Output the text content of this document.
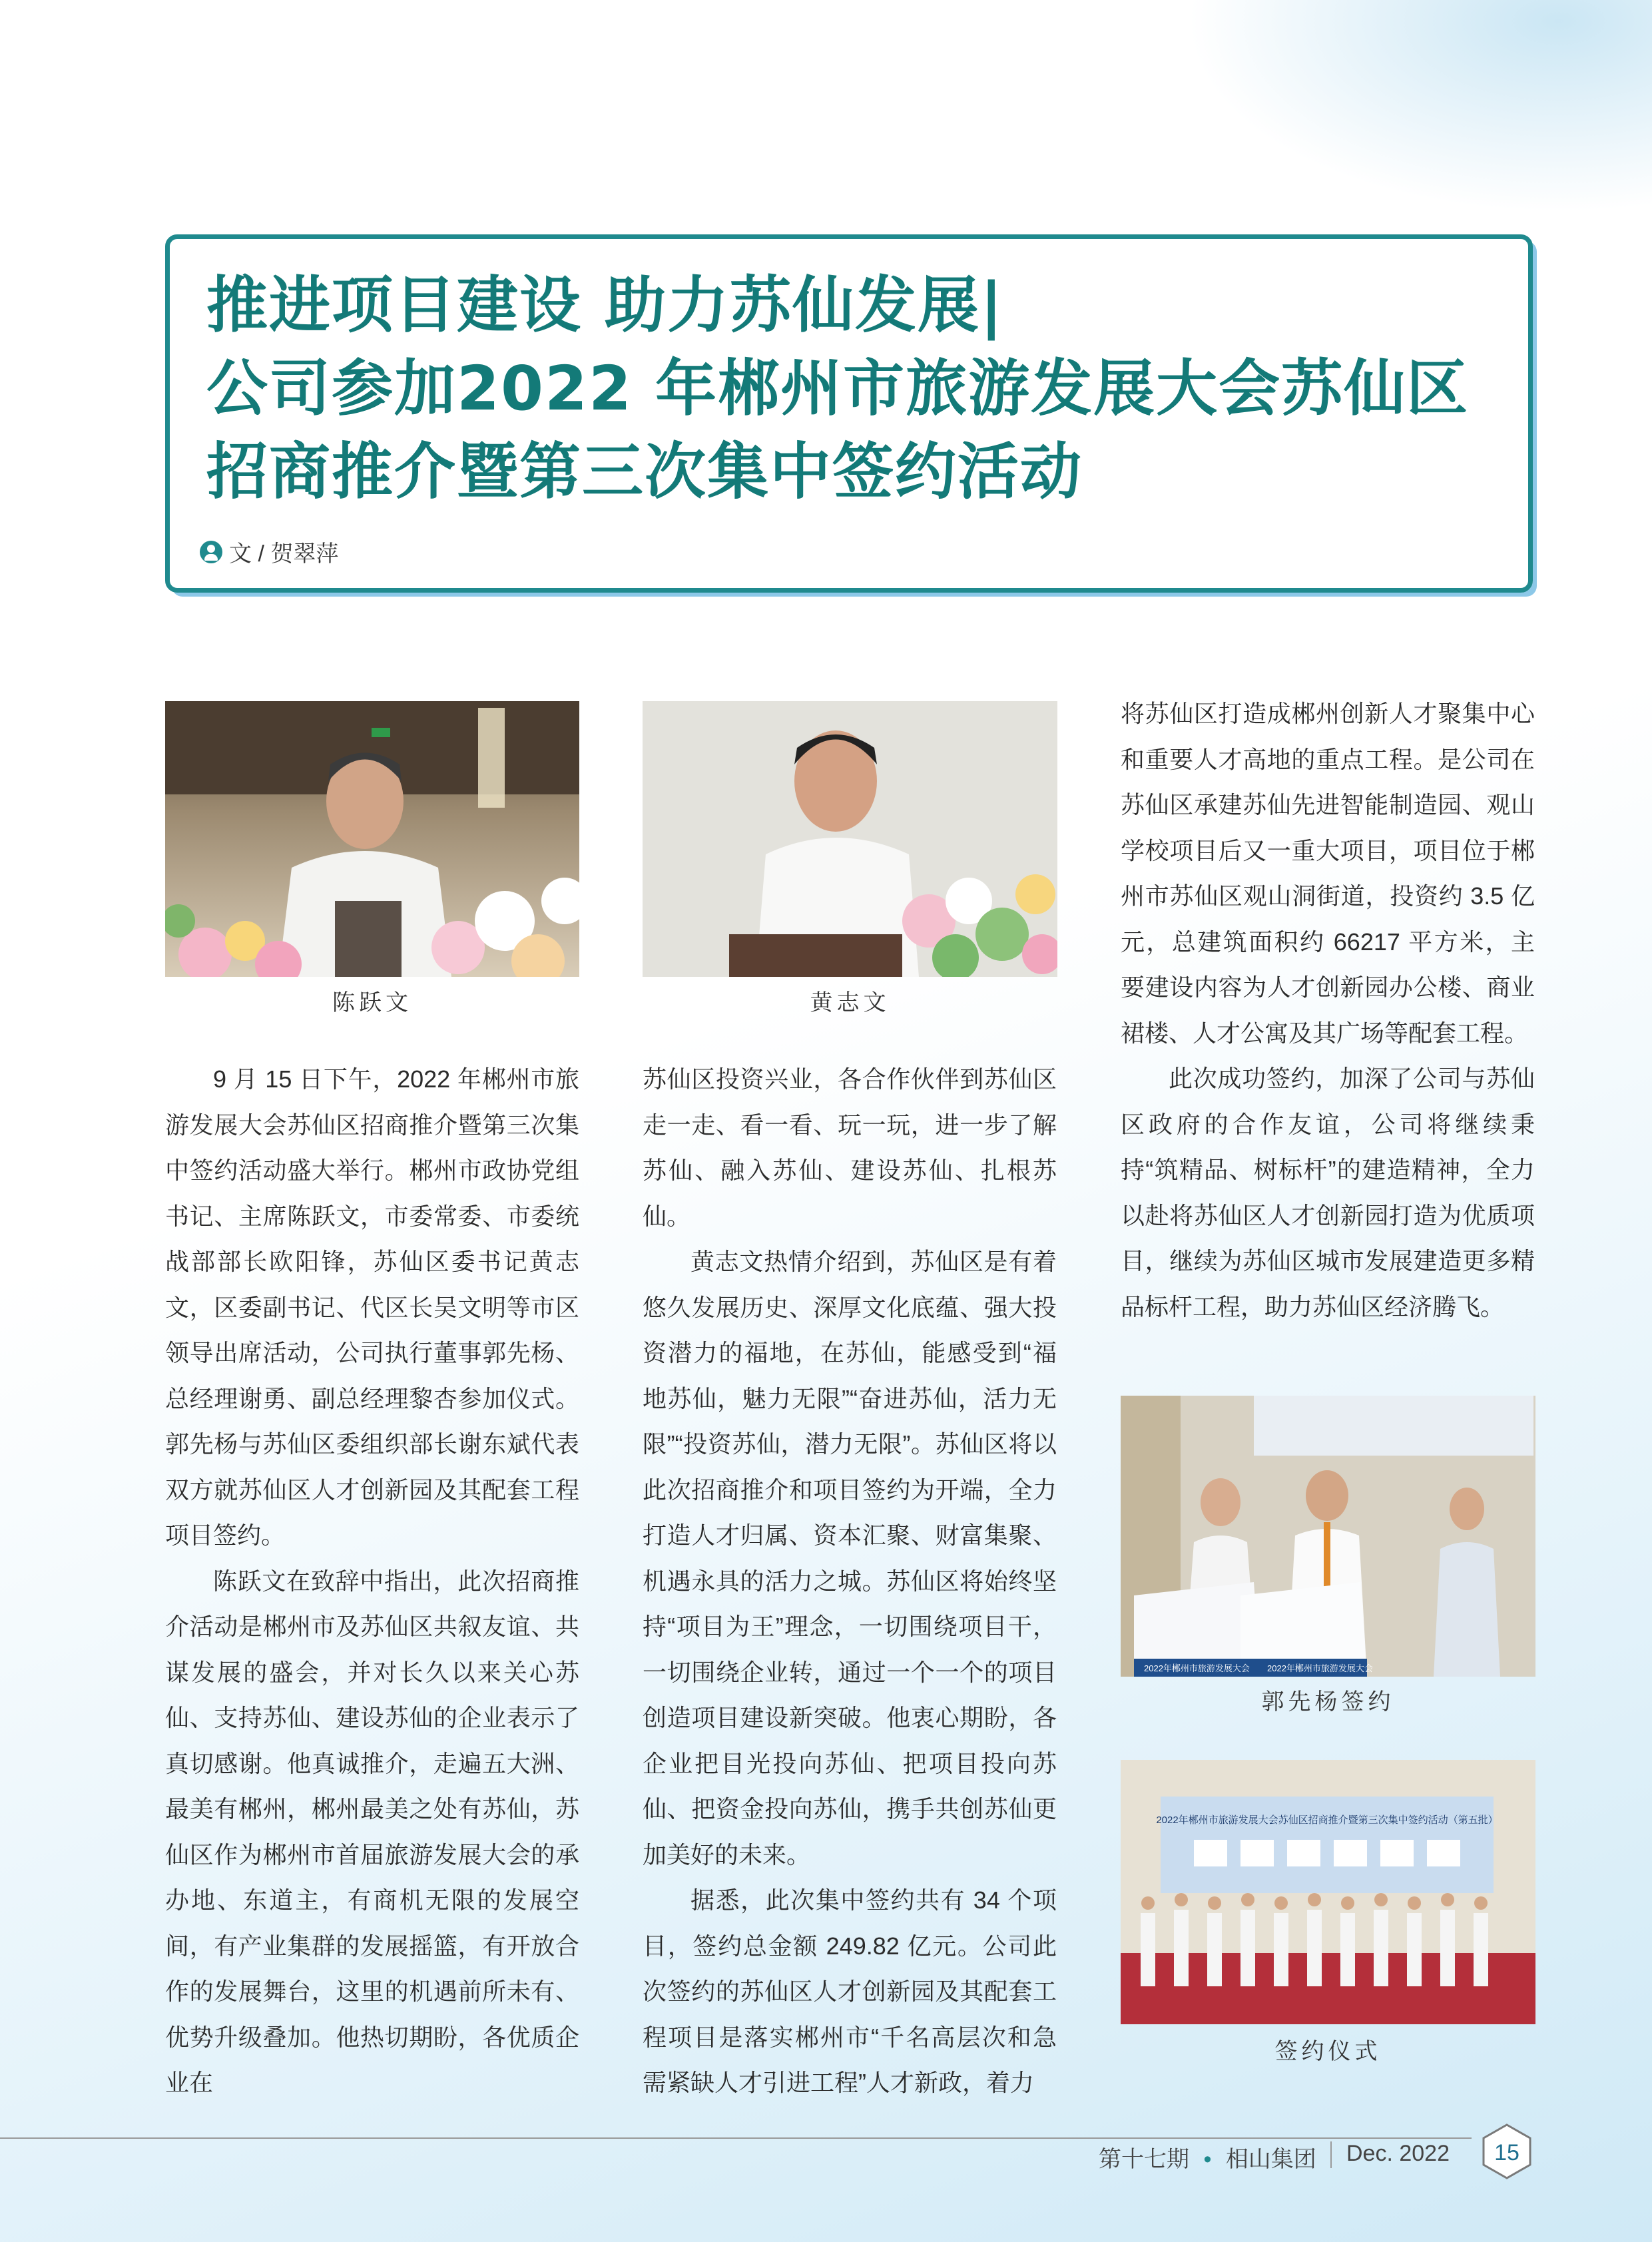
推进项目建设 助力苏仙发展|
公司参加2022 年郴州市旅游发展大会苏仙区
招商推介暨第三次集中签约活动
文 / 贺翠萍
陈跃文	黄志文
2022年郴州市旅游发展大会 2022年郴州市旅游发展大会
郭先杨签约
2022年郴州市旅游发展大会苏仙区招商推介暨第三次集中签约活动（第五批）
签约仪式

9 月 15 日下午，2022 年郴州市旅游发展大会苏仙区招商推介暨第三次集中签约活动盛大举行。郴州市政协党组书记、主席陈跃文，市委常委、市委统战部部长欧阳锋，苏仙区委书记黄志文，区委副书记、代区长吴文明等市区领导出席活动，公司执行董事郭先杨、总经理谢勇、副总经理黎杏参加仪式。郭先杨与苏仙区委组织部长谢东斌代表双方就苏仙区人才创新园及其配套工程项目签约。

陈跃文在致辞中指出，此次招商推介活动是郴州市及苏仙区共叙友谊、共谋发展的盛会，并对长久以来关心苏仙、支持苏仙、建设苏仙的企业表示了真切感谢。他真诚推介，走遍五大洲、最美有郴州，郴州最美之处有苏仙，苏仙区作为郴州市首届旅游发展大会的承办地、东道主，有商机无限的发展空间，有产业集群的发展摇篮，有开放合作的发展舞台，这里的机遇前所未有、优势升级叠加。他热切期盼，各优质企业在

苏仙区投资兴业，各合作伙伴到苏仙区走一走、看一看、玩一玩，进一步了解苏仙、融入苏仙、建设苏仙、扎根苏仙。

黄志文热情介绍到，苏仙区是有着悠久发展历史、深厚文化底蕴、强大投资潜力的福地，在苏仙，能感受到“福地苏仙，魅力无限”“奋进苏仙，活力无限”“投资苏仙，潜力无限”。苏仙区将以此次招商推介和项目签约为开端，全力打造人才归属、资本汇聚、财富集聚、机遇永具的活力之城。苏仙区将始终坚持“项目为王”理念，一切围绕项目干，一切围绕企业转，通过一个一个的项目创造项目建设新突破。他衷心期盼，各企业把目光投向苏仙、把项目投向苏仙、把资金投向苏仙，携手共创苏仙更加美好的未来。

据悉，此次集中签约共有 34 个项目，签约总金额 249.82 亿元。公司此次签约的苏仙区人才创新园及其配套工程项目是落实郴州市“千名高层次和急需紧缺人才引进工程”人才新政，着力

将苏仙区打造成郴州创新人才聚集中心和重要人才高地的重点工程。是公司在苏仙区承建苏仙先进智能制造园、观山学校项目后又一重大项目，项目位于郴州市苏仙区观山洞街道，投资约 3.5 亿元，总建筑面积约 66217 平方米，主要建设内容为人才创新园办公楼、商业裙楼、人才公寓及其广场等配套工程。

此次成功签约，加深了公司与苏仙区政府的合作友谊，公司将继续秉持“筑精品、树标杆”的建造精神，全力以赴将苏仙区人才创新园打造为优质项目，继续为苏仙区城市发展建造更多精品标杆工程，助力苏仙区经济腾飞。

第十七期 • 相山集团 Dec. 2022 15
